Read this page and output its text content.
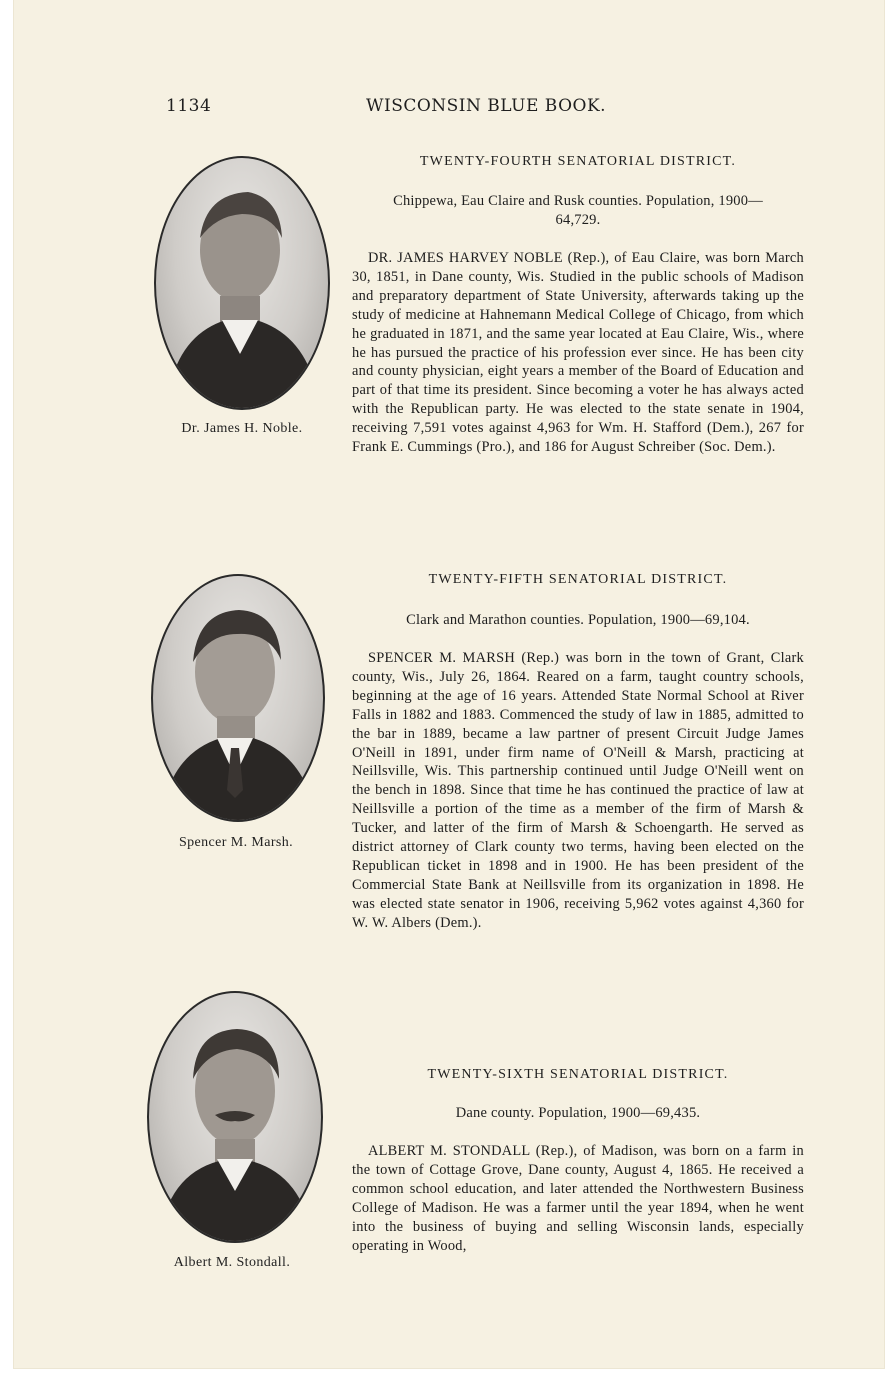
1134	WISCONSIN BLUE BOOK.
Dr. James H. Noble.
TWENTY-FOURTH SENATORIAL DISTRICT.
Chippewa, Eau Claire and Rusk counties. Population, 1900—64,729.

DR. JAMES HARVEY NOBLE (Rep.), of Eau Claire, was born March 30, 1851, in Dane county, Wis. Studied in the public schools of Madison and preparatory department of State University, afterwards taking up the study of medicine at Hahnemann Medical College of Chicago, from which he graduated in 1871, and the same year located at Eau Claire, Wis., where he has pursued the practice of his profession ever since. He has been city and county physician, eight years a member of the Board of Education and part of that time its president. Since becoming a voter he has always acted with the Republican party. He was elected to the state senate in 1904, receiving 7,591 votes against 4,963 for Wm. H. Stafford (Dem.), 267 for Frank E. Cummings (Pro.), and 186 for August Schreiber (Soc. Dem.).

Spencer M. Marsh.
TWENTY-FIFTH SENATORIAL DISTRICT.
Clark and Marathon counties. Population, 1900—69,104.

SPENCER M. MARSH (Rep.) was born in the town of Grant, Clark county, Wis., July 26, 1864. Reared on a farm, taught country schools, beginning at the age of 16 years. Attended State Normal School at River Falls in 1882 and 1883. Commenced the study of law in 1885, admitted to the bar in 1889, became a law partner of present Circuit Judge James O'Neill in 1891, under firm name of O'Neill & Marsh, practicing at Neillsville, Wis. This partnership continued until Judge O'Neill went on the bench in 1898. Since that time he has continued the practice of law at Neillsville a portion of the time as a member of the firm of Marsh & Tucker, and latter of the firm of Marsh & Schoengarth. He served as district attorney of Clark county two terms, having been elected on the Republican ticket in 1898 and in 1900. He has been president of the Commercial State Bank at Neillsville from its organization in 1898. He was elected state senator in 1906, receiving 5,962 votes against 4,360 for W. W. Albers (Dem.).

Albert M. Stondall.
TWENTY-SIXTH SENATORIAL DISTRICT.
Dane county. Population, 1900—69,435.

ALBERT M. STONDALL (Rep.), of Madison, was born on a farm in the town of Cottage Grove, Dane county, August 4, 1865. He received a common school education, and later attended the Northwestern Business College of Madison. He was a farmer until the year 1894, when he went into the business of buying and selling Wisconsin lands, especially operating in Wood,
